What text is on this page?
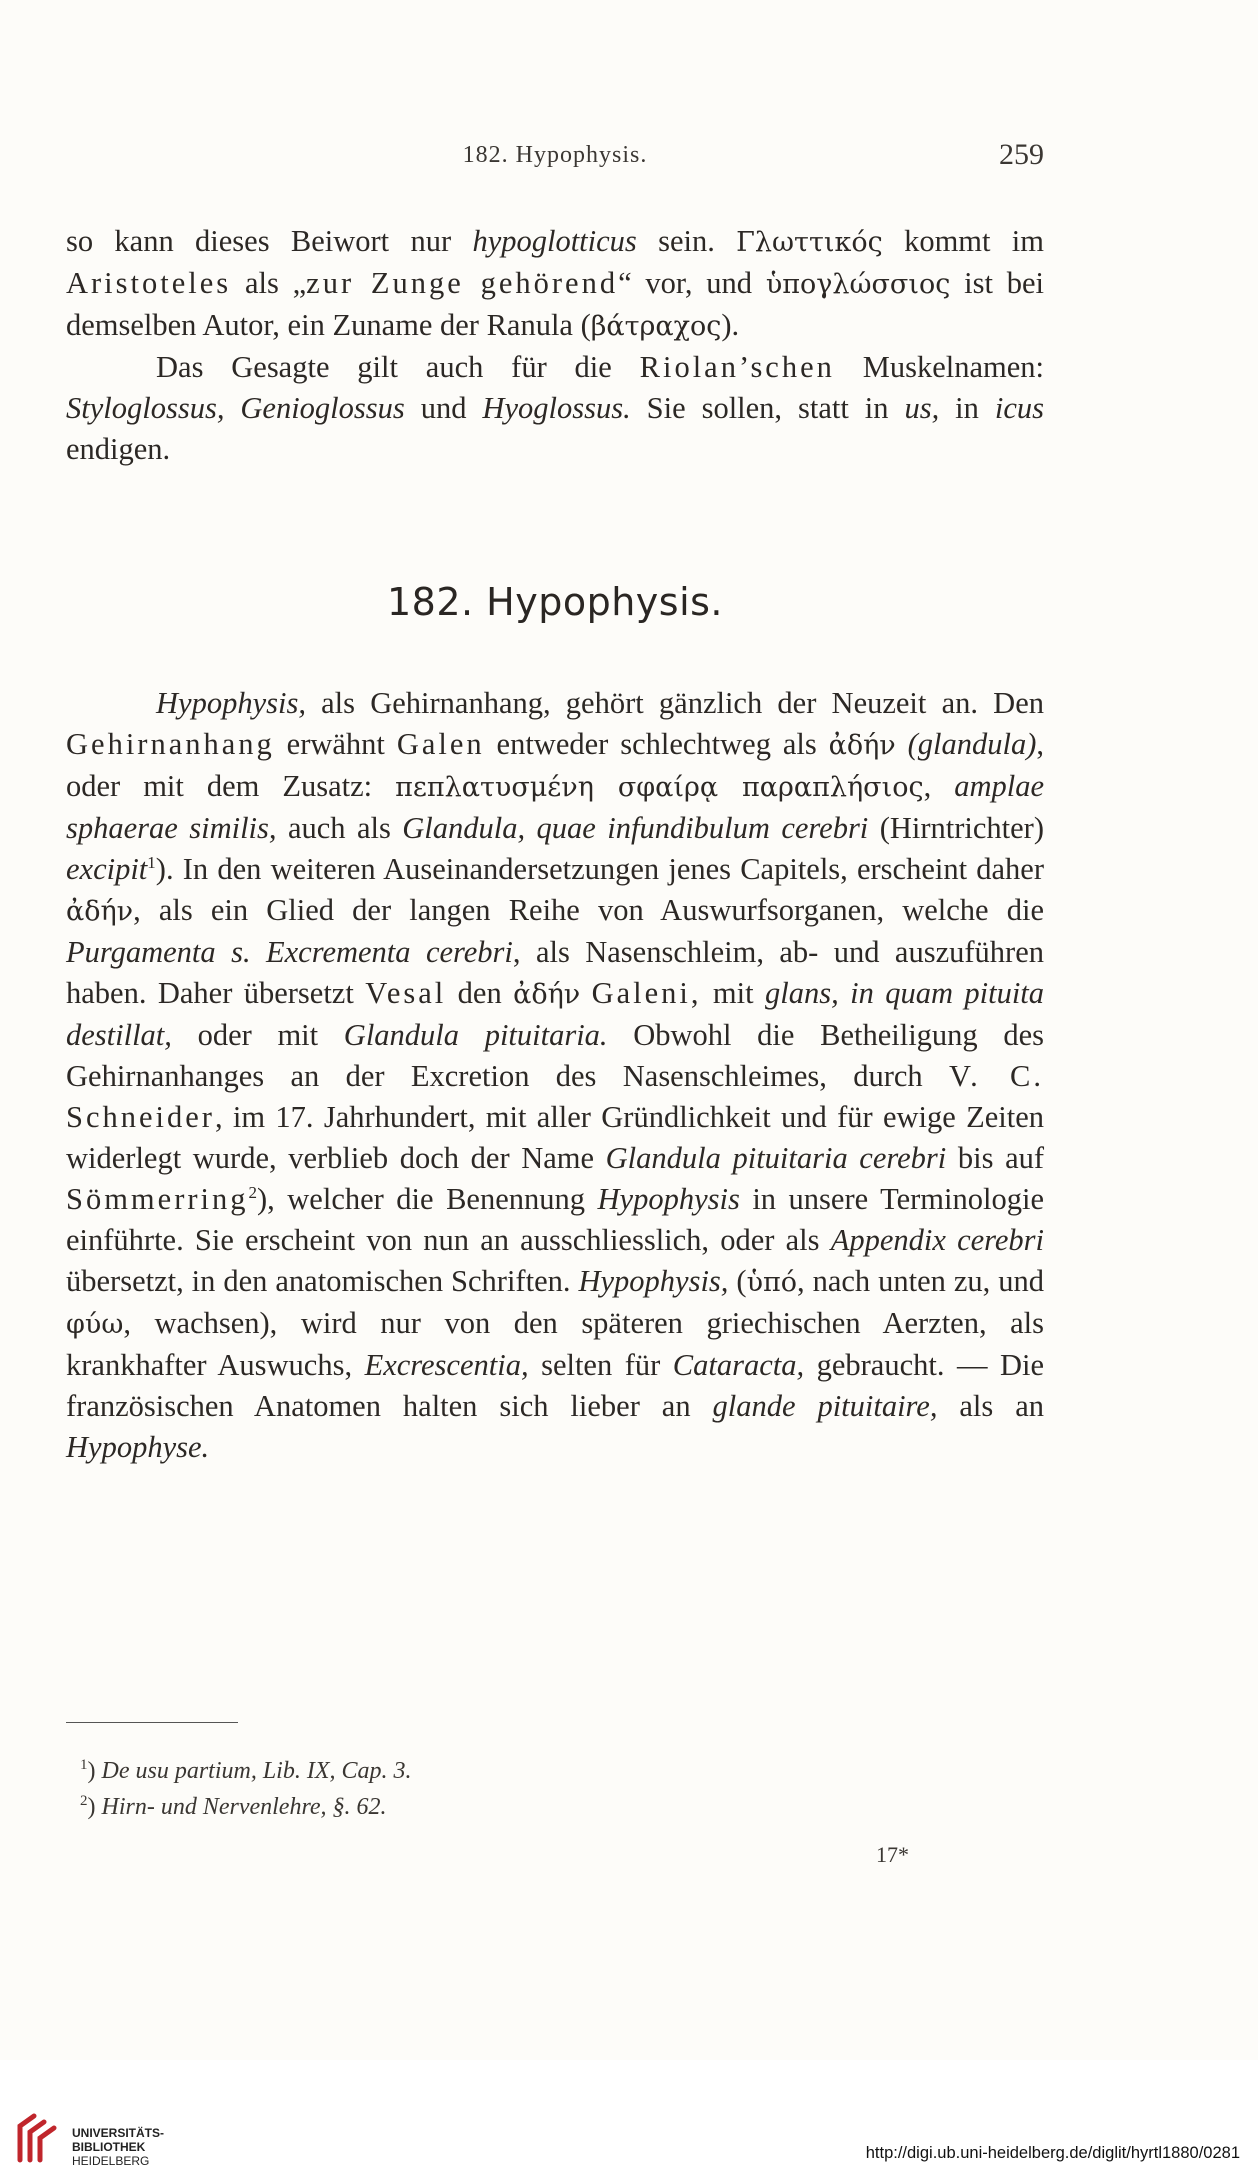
182. Hypophysis.	259

so kann dieses Beiwort nur hypoglotticus sein. Γλωττικός kommt im Aristoteles als „zur Zunge gehörend“ vor, und ὑπογλώσσιος ist bei demselben Autor, ein Zuname der Ranula (βάτραχος).

Das Gesagte gilt auch für die Riolan’schen Muskelnamen: Styloglossus, Genioglossus und Hyoglossus. Sie sollen, statt in us, in icus endigen.

182. Hypophysis.

Hypophysis, als Gehirnanhang, gehört gänzlich der Neuzeit an. Den Gehirnanhang erwähnt Galen entweder schlechtweg als ἀδήν (glandula), oder mit dem Zusatz: πεπλατυσμένη σφαίρᾳ παραπλήσιος, amplae sphaerae similis, auch als Glandula, quae infundibulum cerebri (Hirntrichter) excipit$^1$). In den weiteren Auseinandersetzungen jenes Capitels, erscheint daher ἀδήν, als ein Glied der langen Reihe von Auswurfsorganen, welche die Purgamenta s. Excrementa cerebri, als Nasenschleim, ab- und auszuführen haben. Daher übersetzt Vesal den ἀδήν Galeni, mit glans, in quam pituita destillat, oder mit Glandula pituitaria. Obwohl die Betheiligung des Gehirnanhanges an der Excretion des Nasenschleimes, durch V. C. Schneider, im 17. Jahrhundert, mit aller Gründlichkeit und für ewige Zeiten widerlegt wurde, verblieb doch der Name Glandula pituitaria cerebri bis auf Sömmerring$^2$), welcher die Benennung Hypophysis in unsere Terminologie einführte. Sie erscheint von nun an ausschliesslich, oder als Appendix cerebri übersetzt, in den anatomischen Schriften. Hypophysis, (ὑπό, nach unten zu, und φύω, wachsen), wird nur von den späteren griechischen Aerzten, als krankhafter Auswuchs, Excrescentia, selten für Cataracta, gebraucht. — Die französischen Anatomen halten sich lieber an glande pituitaire, als an Hypophyse.

$^1$) De usu partium, Lib. IX, Cap. 3.

$^2$) Hirn- und Nervenlehre, §. 62.

17*
UNIVERSITÄTS-
BIBLIOTHEK
HEIDELBERG	http://digi.ub.uni-heidelberg.de/diglit/hyrtl1880/0281
